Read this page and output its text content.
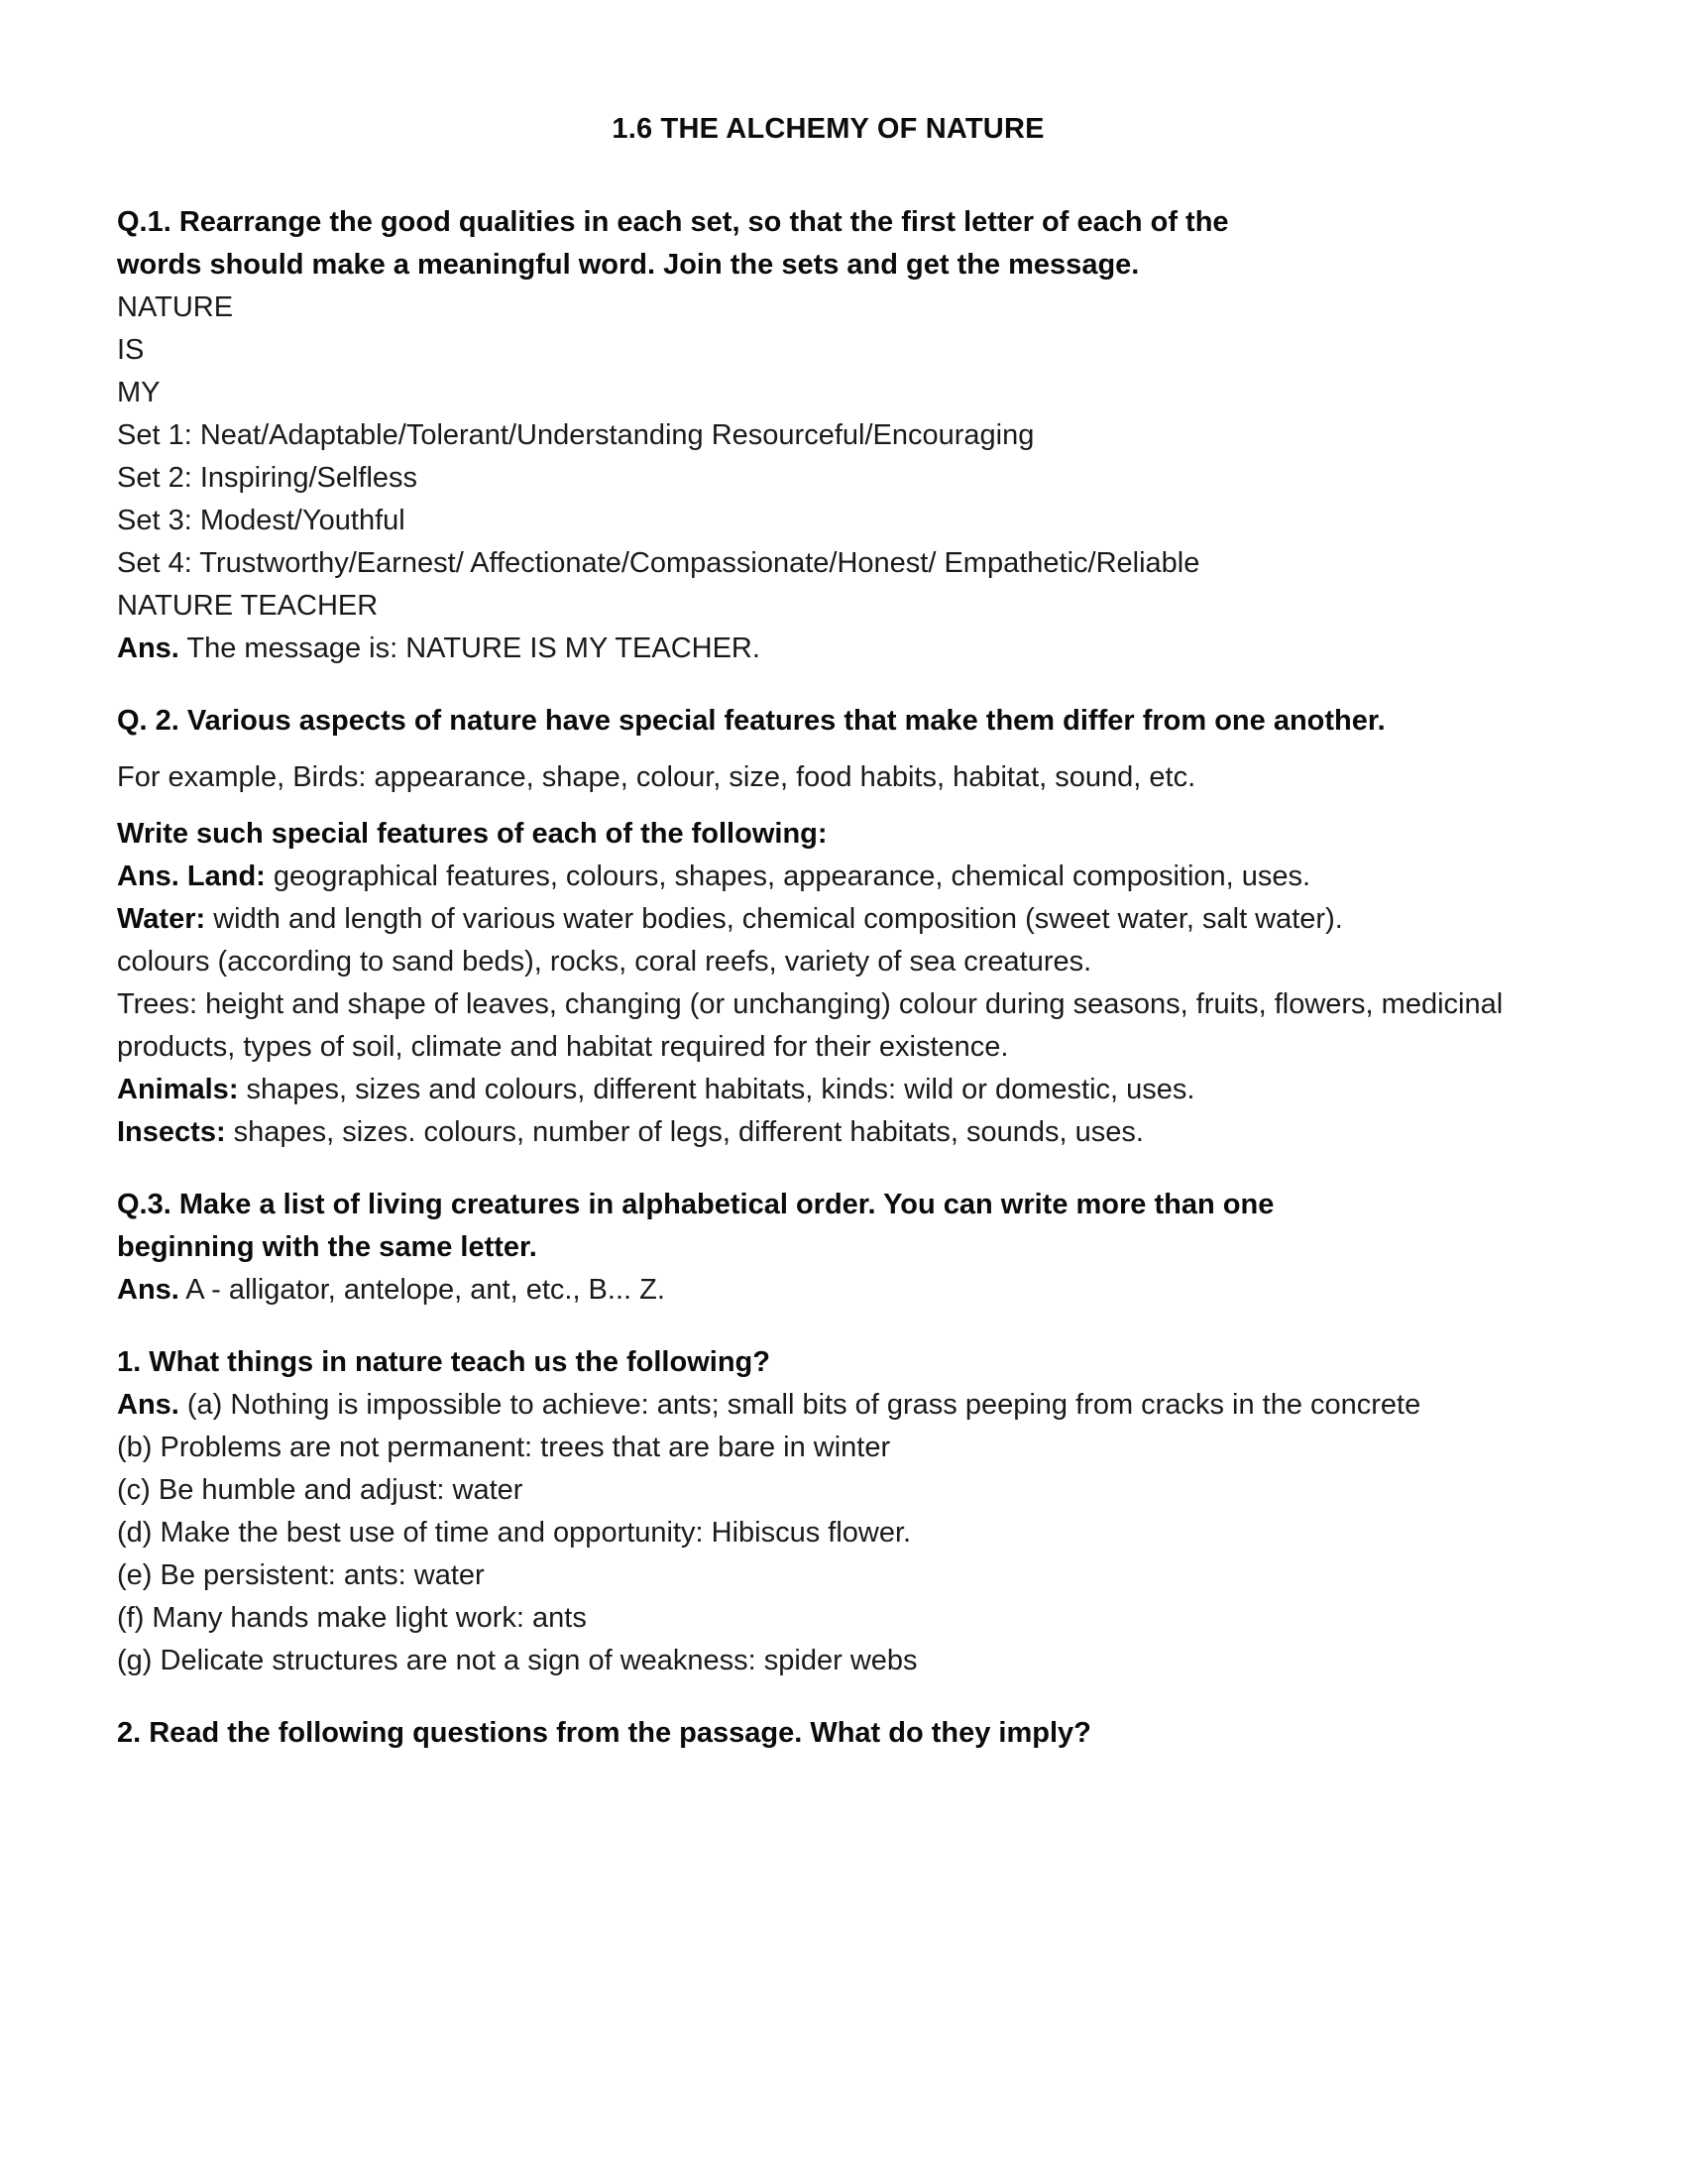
1.6 THE ALCHEMY OF NATURE

Q.1. Rearrange the good qualities in each set, so that the first letter of each of the

words should make a meaningful word. Join the sets and get the message.

NATURE

IS

MY

Set 1: Neat/Adaptable/Tolerant/Understanding Resourceful/Encouraging

Set 2: Inspiring/Selfless

Set 3: Modest/Youthful

Set 4: Trustworthy/Earnest/ Affectionate/Compassionate/Honest/ Empathetic/Reliable

NATURE TEACHER

Ans. The message is: NATURE IS MY TEACHER.

Q. 2. Various aspects of nature have special features that make them differ from one another.

For example, Birds: appearance, shape, colour, size, food habits, habitat, sound, etc.

Write such special features of each of the following:

Ans. Land: geographical features, colours, shapes, appearance, chemical composition, uses.

Water: width and length of various water bodies, chemical composition (sweet water, salt water).

colours (according to sand beds), rocks, coral reefs, variety of sea creatures.

Trees: height and shape of leaves, changing (or unchanging) colour during seasons, fruits, flowers, medicinal products, types of soil, climate and habitat required for their existence.

Animals: shapes, sizes and colours, different habitats, kinds: wild or domestic, uses.

Insects: shapes, sizes. colours, number of legs, different habitats, sounds, uses.

Q.3. Make a list of living creatures in alphabetical order. You can write more than one

beginning with the same letter.

Ans. A - alligator, antelope, ant, etc., B... Z.

1. What things in nature teach us the following?

Ans. (a) Nothing is impossible to achieve: ants; small bits of grass peeping from cracks in the concrete

(b) Problems are not permanent: trees that are bare in winter

(c) Be humble and adjust: water

(d) Make the best use of time and opportunity: Hibiscus flower.

(e) Be persistent: ants: water

(f) Many hands make light work: ants

(g) Delicate structures are not a sign of weakness: spider webs

2. Read the following questions from the passage. What do they imply?
